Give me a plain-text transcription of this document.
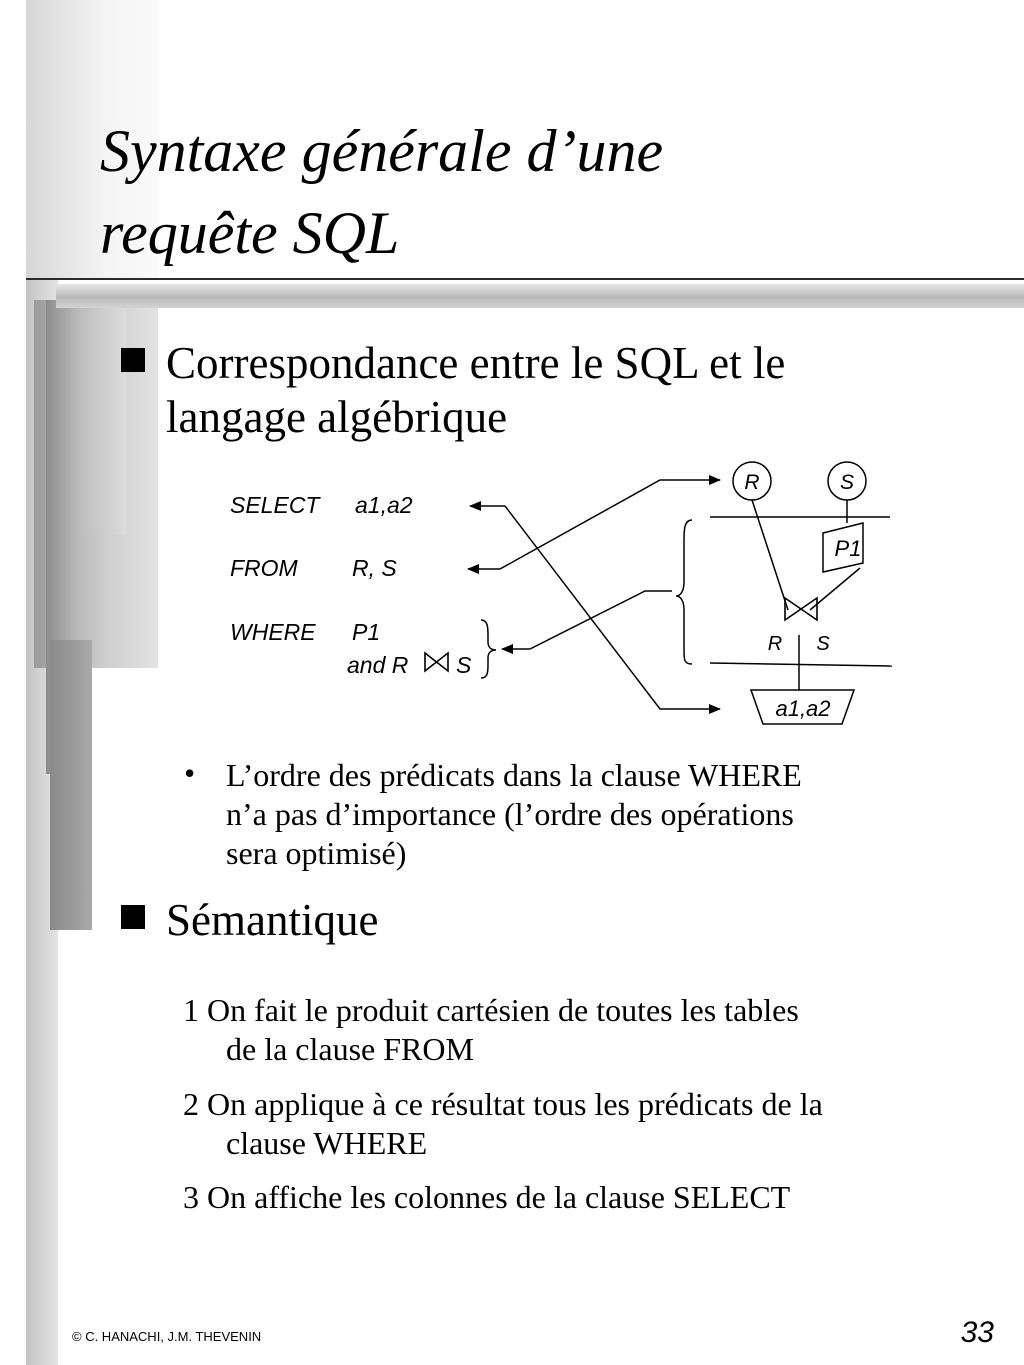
Syntaxe générale d’une
requête SQL
Correspondance entre le SQL et le
langage algébrique
SELECT a1,a2
FROM R, S
WHERE P1
and R S
R	S
P1
R S
a1,a2
• L’ordre des prédicats dans la clause WHERE
n’a pas d’importance (l’ordre des opérations
sera optimisé)
Sémantique
1 On fait le produit cartésien de toutes les tables
de la clause FROM
2 On applique à ce résultat tous les prédicats de la
clause WHERE
3 On affiche les colonnes de la clause SELECT
© C. HANACHI, J.M. THEVENIN	33
